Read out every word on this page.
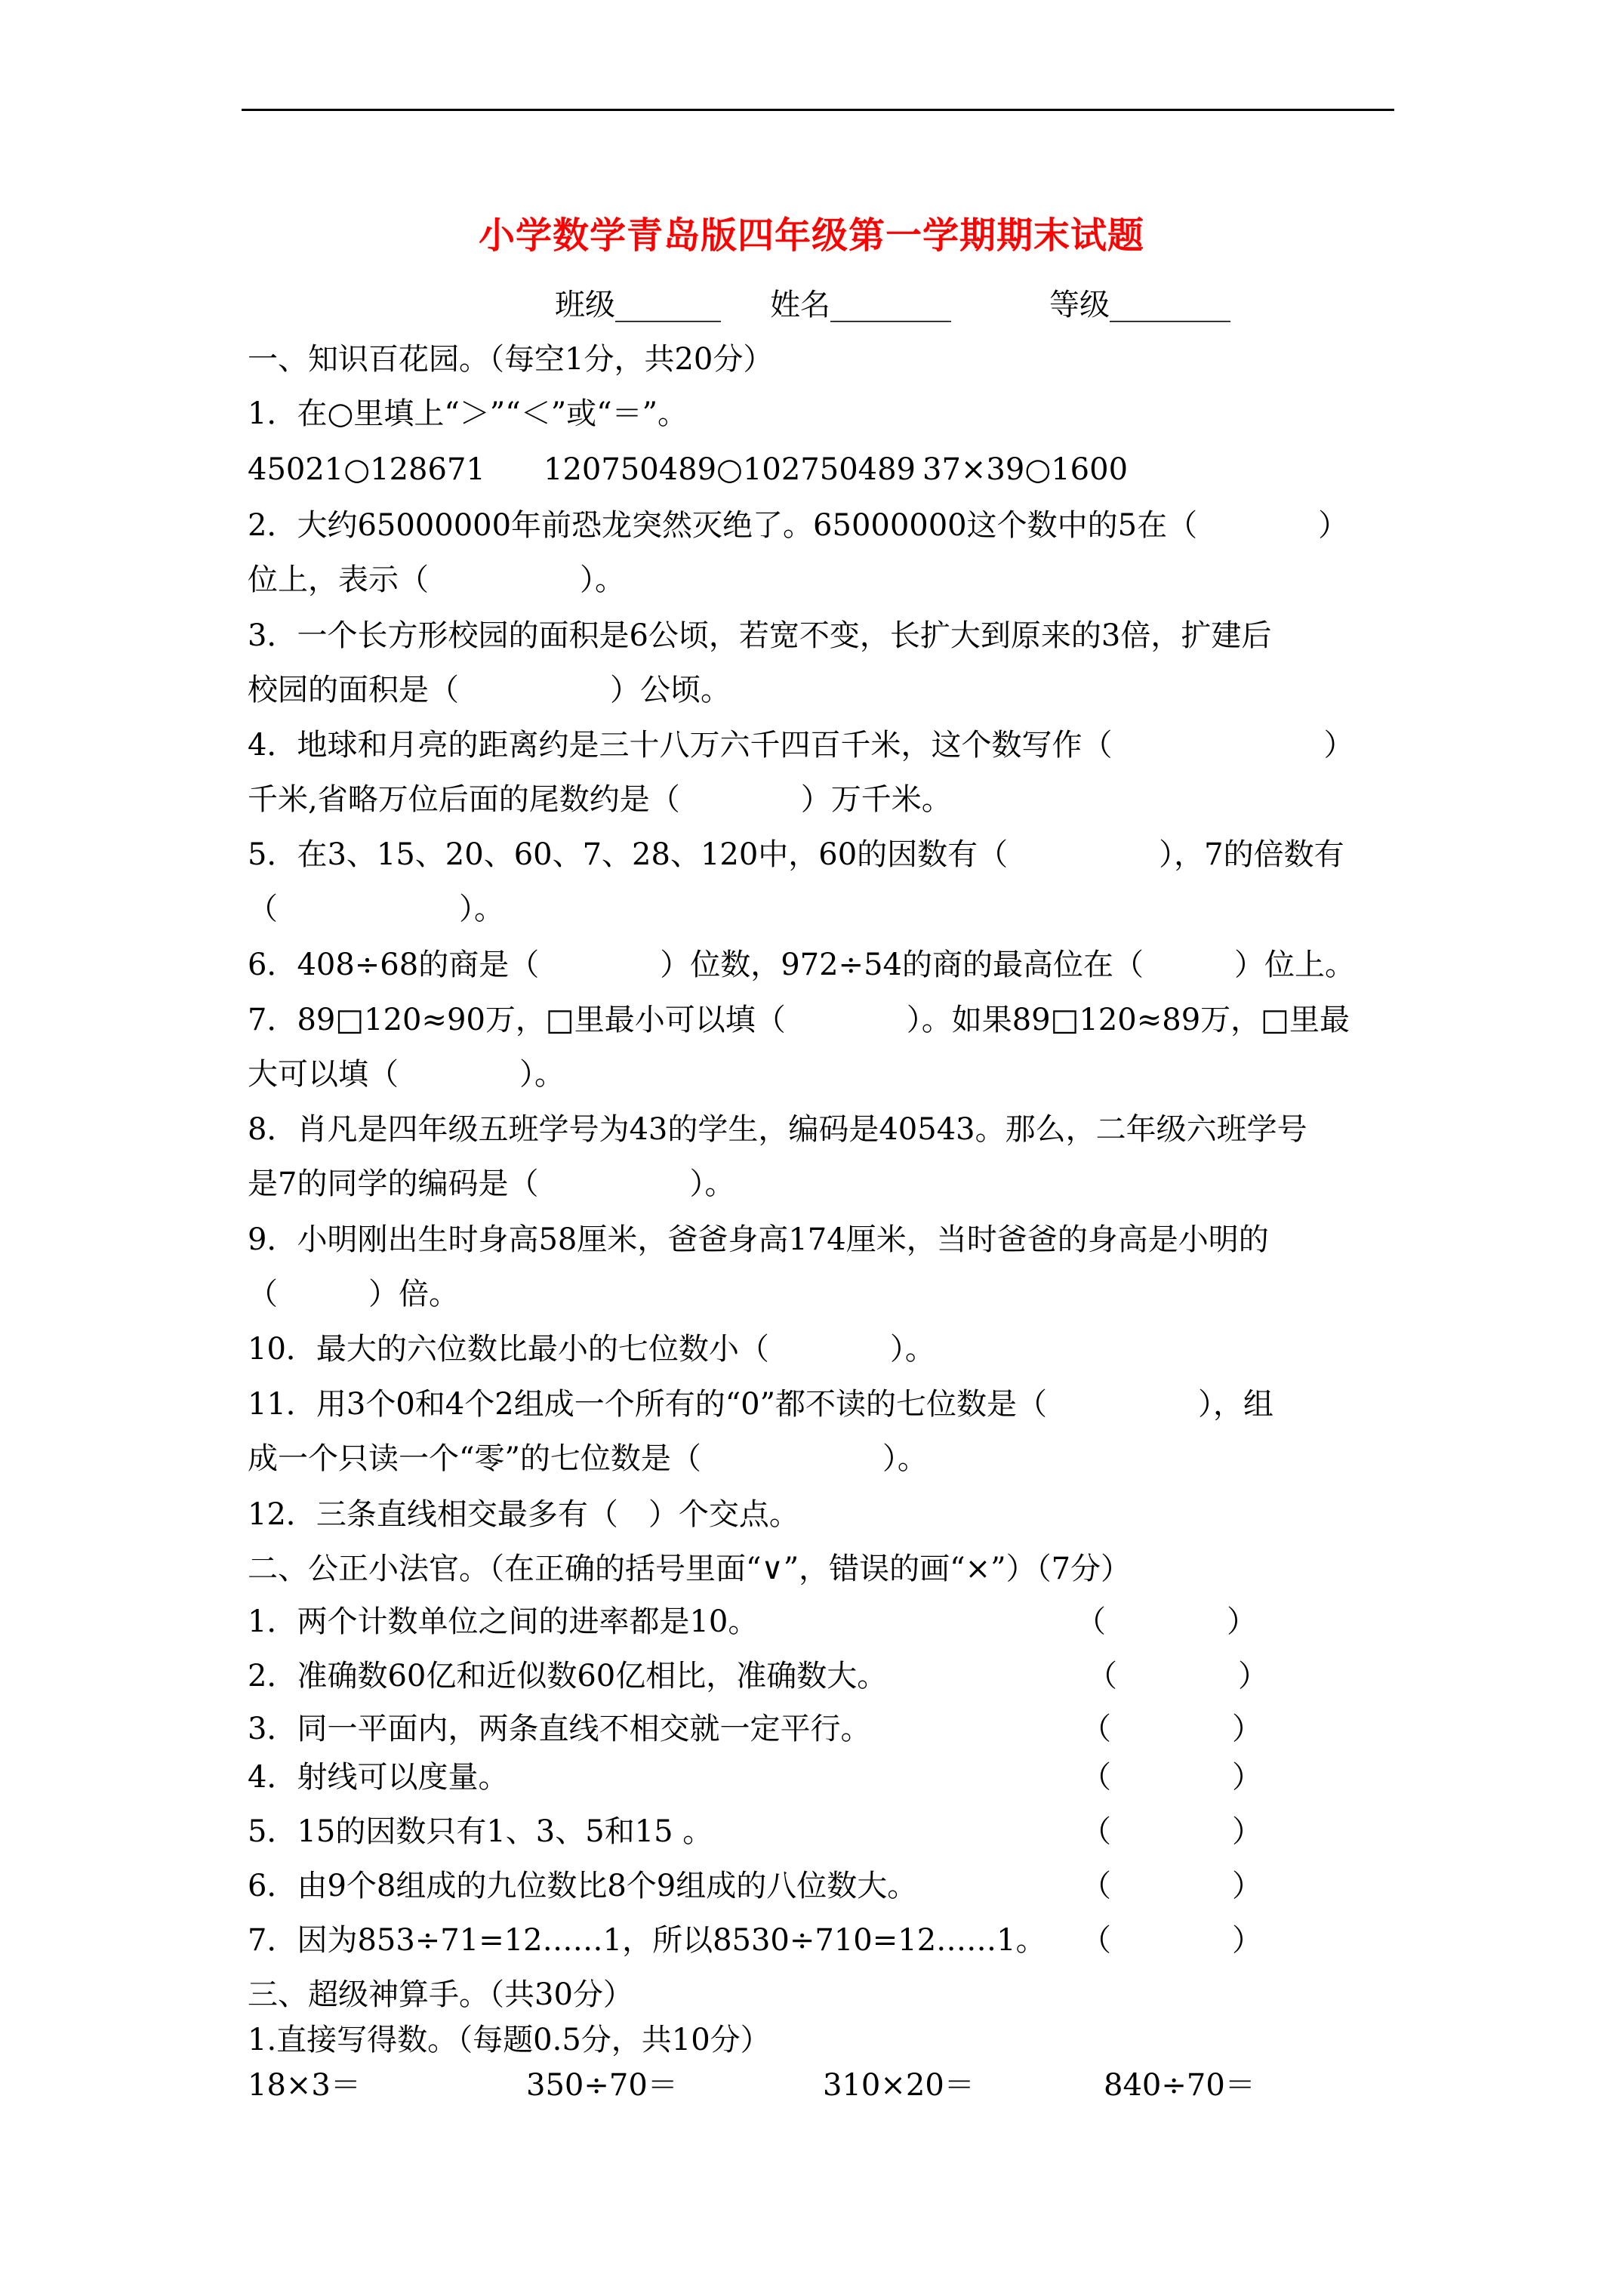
小学数学青岛版四年级第一学期期末试题
班级_______ 姓名________	等级________
一、知识百花园。（每空1分，共20分）
1．在○里填上“＞”“＜”或“＝”。
45021○128671 120750489○102750489 37×39○1600
2．大约65000000年前恐龙突然灭绝了。65000000这个数中的5在（　　　　）
位上，表示（　　　　　）。
3．一个长方形校园的面积是6公顷，若宽不变，长扩大到原来的3倍，扩建后
校园的面积是（　　　　　）公顷。
4．地球和月亮的距离约是三十八万六千四百千米，这个数写作（　　　　　　　）
千米,省略万位后面的尾数约是（　　　　）万千米。
5．在3、15、20、60、7、28、120中，60的因数有（　　　　　），7的倍数有
（　　　　　　）。
6．408÷68的商是（　　　　）位数，972÷54的商的最高位在（　　　）位上。
7．89□120≈90万，□里最小可以填（　　　　）。如果89□120≈89万，□里最
大可以填（　　　　）。
8．肖凡是四年级五班学号为43的学生，编码是40543。那么，二年级六班学号
是7的同学的编码是（　　　　　）。
9．小明刚出生时身高58厘米，爸爸身高174厘米，当时爸爸的身高是小明的
（　　　）倍。
10．最大的六位数比最小的七位数小（　　　　）。
11．用3个0和4个2组成一个所有的“0”都不读的七位数是（　　　　　），组
成一个只读一个“零”的七位数是（　　　　　　）。
12．三条直线相交最多有（　）个交点。
二、公正小法官。（在正确的括号里面“∨”，错误的画“×”）（7分）
1．两个计数单位之间的进率都是10。	（　　　　）
2．准确数60亿和近似数60亿相比，准确数大。	（　　　　）
3．同一平面内，两条直线不相交就一定平行。	（　　　　）
4．射线可以度量。	（　　　　）
5．15的因数只有1、3、5和15 。	（　　　　）
6．由9个8组成的九位数比8个9组成的八位数大。	（　　　　）
7．因为853÷71=12……1，所以8530÷710=12……1。 （　　　　）
三、超级神算手。（共30分）
1.直接写得数。（每题0.5分，共10分）
18×3＝	350÷70＝	310×20＝	840÷70＝
